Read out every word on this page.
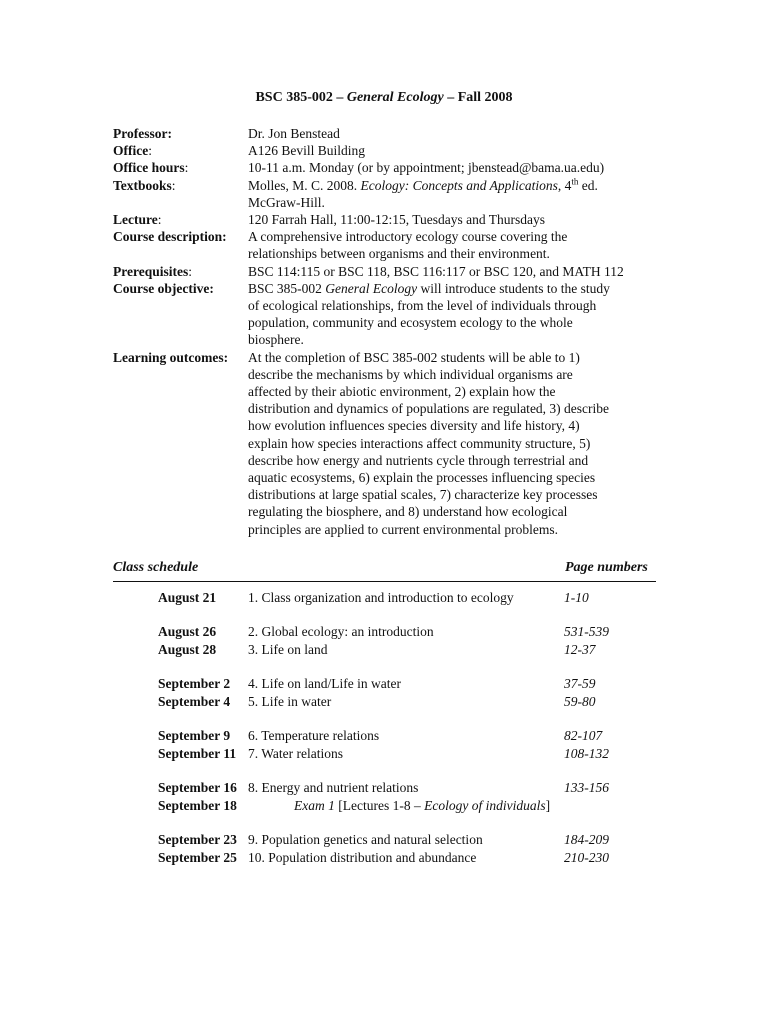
BSC 385-002 – General Ecology – Fall 2008
Professor:	Dr. Jon Benstead
Office:	A126 Bevill Building
Office hours:	10-11 a.m. Monday (or by appointment; jbenstead@bama.ua.edu)
Textbooks:	Molles, M. C. 2008. Ecology: Concepts and Applications, 4th ed.
McGraw-Hill.
Lecture:	120 Farrah Hall, 11:00-12:15, Tuesdays and Thursdays
Course description:	A comprehensive introductory ecology course covering the
relationships between organisms and their environment.
Prerequisites:	BSC 114:115 or BSC 118, BSC 116:117 or BSC 120, and MATH 112
Course objective:	BSC 385-002 General Ecology will introduce students to the study
of ecological relationships, from the level of individuals through
population, community and ecosystem ecology to the whole
biosphere.
Learning outcomes:	At the completion of BSC 385-002 students will be able to 1)
describe the mechanisms by which individual organisms are
affected by their abiotic environment, 2) explain how the
distribution and dynamics of populations are regulated, 3) describe
how evolution influences species diversity and life history, 4)
explain how species interactions affect community structure, 5)
describe how energy and nutrients cycle through terrestrial and
aquatic ecosystems, 6) explain the processes influencing species
distributions at large spatial scales, 7) characterize key processes
regulating the biosphere, and 8) understand how ecological
principles are applied to current environmental problems.
Class schedule	Page numbers
August 21 1. Class organization and introduction to ecology	1-10
August 26 2. Global ecology: an introduction	531-539
August 28 3. Life on land	12-37
September 2 4. Life on land/Life in water	37-59
September 4 5. Life in water	59-80
September 9 6. Temperature relations	82-107
September 11 7. Water relations	108-132
September 16 8. Energy and nutrient relations	133-156
September 18	Exam 1 [Lectures 1-8 – Ecology of individuals]
September 23 9. Population genetics and natural selection	184-209
September 25 10. Population distribution and abundance	210-230
